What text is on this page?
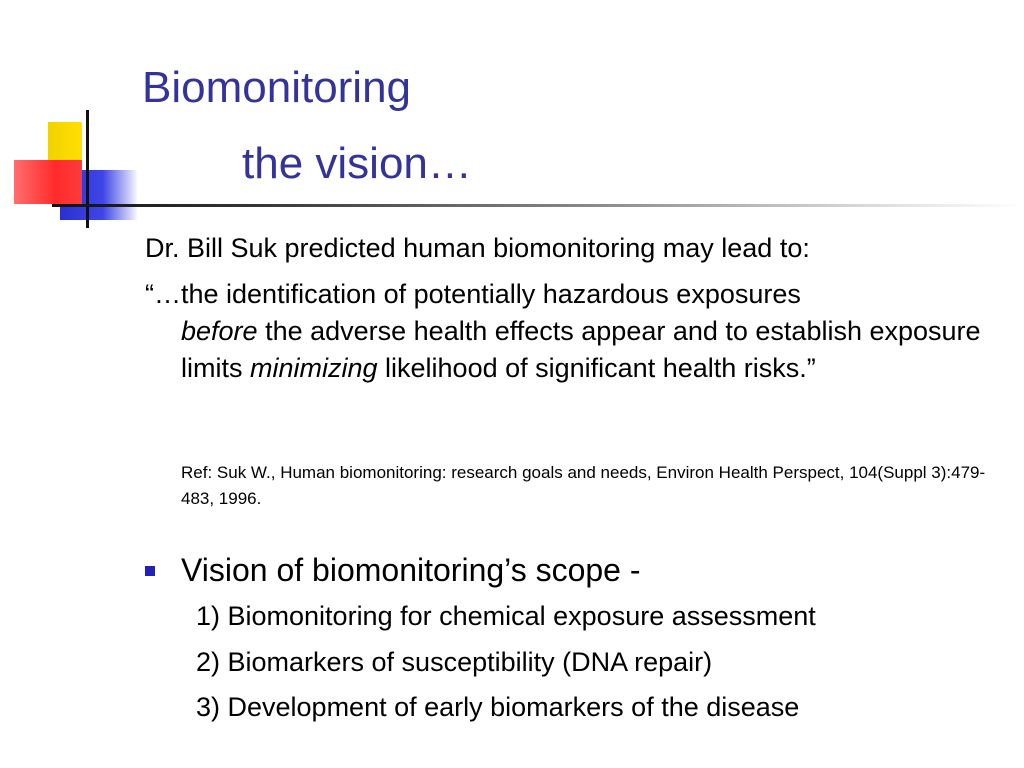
Biomonitoring
the vision…
Dr. Bill Suk predicted human biomonitoring may lead to:
“…the identification of potentially hazardous exposures
before the adverse health effects appear and to establish exposure limits minimizing likelihood of significant health risks.”
Ref: Suk W., Human biomonitoring: research goals and needs, Environ Health Perspect, 104(Suppl 3):479-483, 1996.
Vision of biomonitoring’s scope -
1) Biomonitoring for chemical exposure assessment
2) Biomarkers of susceptibility (DNA repair)
3) Development of early biomarkers of the disease
